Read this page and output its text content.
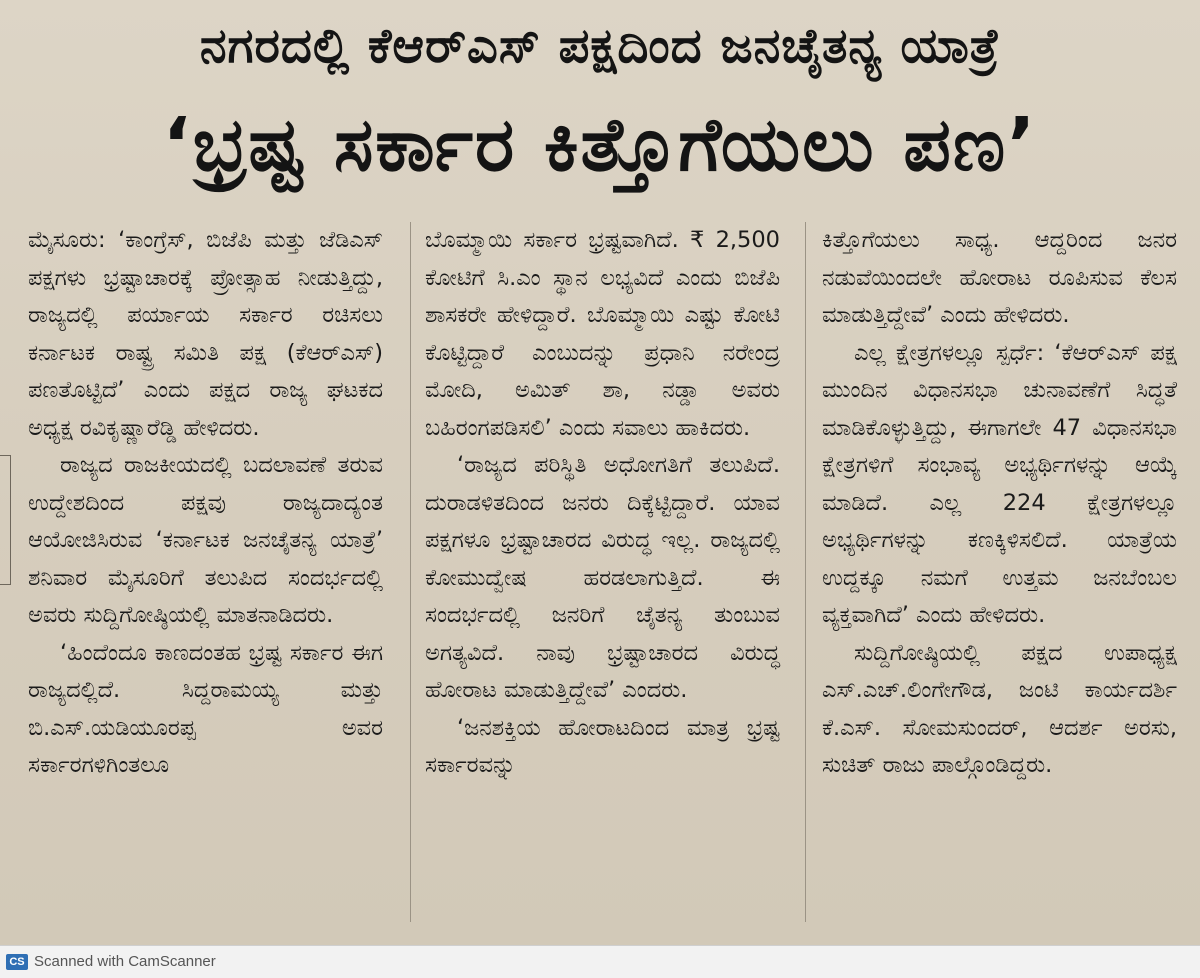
ನಗರದಲ್ಲಿ ಕೆಆರ್‌ಎಸ್ ಪಕ್ಷದಿಂದ ಜನಚೈತನ್ಯ ಯಾತ್ರೆ
‘ಭ್ರಷ್ಟ ಸರ್ಕಾರ ಕಿತ್ತೊಗೆಯಲು ಪಣ’

ಮೈಸೂರು: ‘ಕಾಂಗ್ರೆಸ್, ಬಿಜೆಪಿ ಮತ್ತು ಜೆಡಿಎಸ್ ಪಕ್ಷಗಳು ಭ್ರಷ್ಟಾಚಾರಕ್ಕೆ ಪ್ರೋತ್ಸಾಹ ನೀಡುತ್ತಿದ್ದು, ರಾಜ್ಯದಲ್ಲಿ ಪರ್ಯಾಯ ಸರ್ಕಾರ ರಚಿಸಲು ಕರ್ನಾಟಕ ರಾಷ್ಟ್ರ ಸಮಿತಿ ಪಕ್ಷ (ಕೆಆರ್‌ಎಸ್) ಪಣತೊಟ್ಟಿದೆ’ ಎಂದು ಪಕ್ಷದ ರಾಜ್ಯ ಘಟಕದ ಅಧ್ಯಕ್ಷ ರವಿಕೃಷ್ಣಾರೆಡ್ಡಿ ಹೇಳಿದರು.

ರಾಜ್ಯದ ರಾಜಕೀಯದಲ್ಲಿ ಬದಲಾವಣೆ ತರುವ ಉದ್ದೇಶದಿಂದ ಪಕ್ಷವು ರಾಜ್ಯದಾದ್ಯಂತ ಆಯೋಜಿಸಿರುವ ‘ಕರ್ನಾಟಕ ಜನಚೈತನ್ಯ ಯಾತ್ರೆ’ ಶನಿವಾರ ಮೈಸೂರಿಗೆ ತಲುಪಿದ ಸಂದರ್ಭದಲ್ಲಿ ಅವರು ಸುದ್ದಿಗೋಷ್ಠಿಯಲ್ಲಿ ಮಾತನಾಡಿದರು.

‘ಹಿಂದೆಂದೂ ಕಾಣದಂತಹ ಭ್ರಷ್ಟ ಸರ್ಕಾರ ಈಗ ರಾಜ್ಯದಲ್ಲಿದೆ. ಸಿದ್ದರಾಮಯ್ಯ ಮತ್ತು ಬಿ.ಎಸ್.ಯಡಿಯೂರಪ್ಪ ಅವರ ಸರ್ಕಾರಗಳಿಗಿಂತಲೂ

ಬೊಮ್ಮಾಯಿ ಸರ್ಕಾರ ಭ್ರಷ್ಟವಾಗಿದೆ. ₹ 2,500 ಕೋಟಿಗೆ ಸಿ.ಎಂ ಸ್ಥಾನ ಲಭ್ಯವಿದೆ ಎಂದು ಬಿಜೆಪಿ ಶಾಸಕರೇ ಹೇಳಿದ್ದಾರೆ. ಬೊಮ್ಮಾಯಿ ಎಷ್ಟು ಕೋಟಿ ಕೊಟ್ಟಿದ್ದಾರೆ ಎಂಬುದನ್ನು ಪ್ರಧಾನಿ ನರೇಂದ್ರ ಮೋದಿ, ಅಮಿತ್ ಶಾ, ನಡ್ಡಾ ಅವರು ಬಹಿರಂಗಪಡಿಸಲಿ’ ಎಂದು ಸವಾಲು ಹಾಕಿದರು.

‘ರಾಜ್ಯದ ಪರಿಸ್ಥಿತಿ ಅಧೋಗತಿಗೆ ತಲುಪಿದೆ. ದುರಾಡಳಿತದಿಂದ ಜನರು ದಿಕ್ಕೆಟ್ಟಿದ್ದಾರೆ. ಯಾವ ಪಕ್ಷಗಳೂ ಭ್ರಷ್ಟಾಚಾರದ ವಿರುದ್ಧ ಇಲ್ಲ. ರಾಜ್ಯದಲ್ಲಿ ಕೋಮುದ್ವೇಷ ಹರಡಲಾಗುತ್ತಿದೆ. ಈ ಸಂದರ್ಭದಲ್ಲಿ ಜನರಿಗೆ ಚೈತನ್ಯ ತುಂಬುವ ಅಗತ್ಯವಿದೆ. ನಾವು ಭ್ರಷ್ಟಾಚಾರದ ವಿರುದ್ಧ ಹೋರಾಟ ಮಾಡುತ್ತಿದ್ದೇವೆ’ ಎಂದರು.

‘ಜನಶಕ್ತಿಯ ಹೋರಾಟದಿಂದ ಮಾತ್ರ ಭ್ರಷ್ಟ ಸರ್ಕಾರವನ್ನು

ಕಿತ್ತೊಗೆಯಲು ಸಾಧ್ಯ. ಆದ್ದರಿಂದ ಜನರ ನಡುವೆಯಿಂದಲೇ ಹೋರಾಟ ರೂಪಿಸುವ ಕೆಲಸ ಮಾಡುತ್ತಿದ್ದೇವೆ’ ಎಂದು ಹೇಳಿದರು.

ಎಲ್ಲ ಕ್ಷೇತ್ರಗಳಲ್ಲೂ ಸ್ಪರ್ಧೆ: ‘ಕೆಆರ್‌ಎಸ್ ಪಕ್ಷ ಮುಂದಿನ ವಿಧಾನಸಭಾ ಚುನಾವಣೆಗೆ ಸಿದ್ಧತೆ ಮಾಡಿಕೊಳ್ಳುತ್ತಿದ್ದು, ಈಗಾಗಲೇ 47 ವಿಧಾನಸಭಾ ಕ್ಷೇತ್ರಗಳಿಗೆ ಸಂಭಾವ್ಯ ಅಭ್ಯರ್ಥಿಗಳನ್ನು ಆಯ್ಕೆ ಮಾಡಿದೆ. ಎಲ್ಲ 224 ಕ್ಷೇತ್ರಗಳಲ್ಲೂ ಅಭ್ಯರ್ಥಿಗಳನ್ನು ಕಣಕ್ಕಿಳಿಸಲಿದೆ. ಯಾತ್ರೆಯ ಉದ್ದಕ್ಕೂ ನಮಗೆ ಉತ್ತಮ ಜನಬೆಂಬಲ ವ್ಯಕ್ತವಾಗಿದೆ’ ಎಂದು ಹೇಳಿದರು.

ಸುದ್ದಿಗೋಷ್ಠಿಯಲ್ಲಿ ಪಕ್ಷದ ಉಪಾಧ್ಯಕ್ಷ ಎಸ್.ಎಚ್.ಲಿಂಗೇಗೌಡ, ಜಂಟಿ ಕಾರ್ಯದರ್ಶಿ ಕೆ.ಎಸ್. ಸೋಮಸುಂದರ್, ಆದರ್ಶ ಅರಸು, ಸುಚಿತ್ ರಾಜು ಪಾಲ್ಗೊಂಡಿದ್ದರು.

CS Scanned with CamScanner
